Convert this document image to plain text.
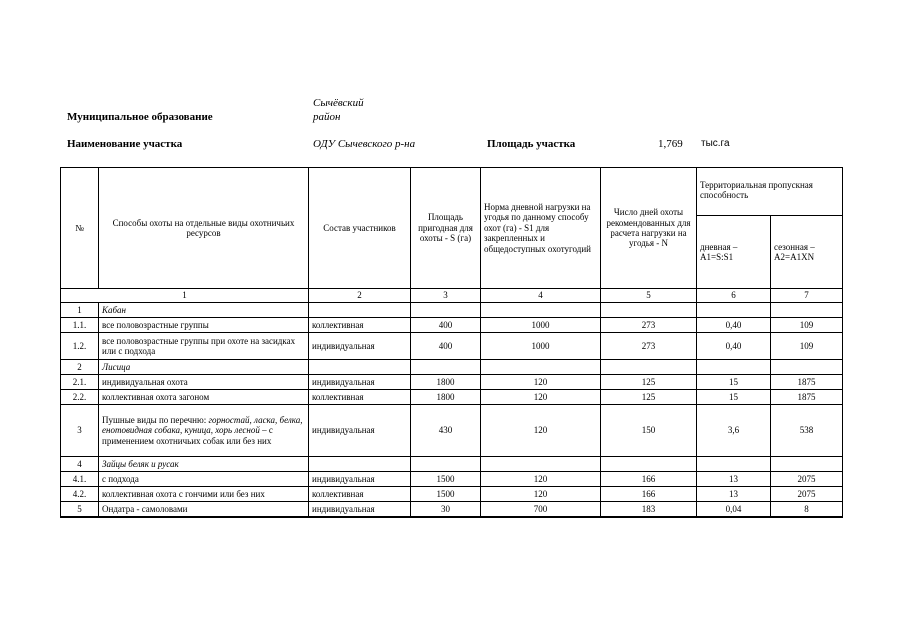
Муниципальное образование
Сычёвский
район
Наименование участка	ОДУ Сычевского р-на	Площадь участка	1,769 тыс.га
№	Способы охоты на отдельные виды охотничьих ресурсов	Состав участников	Площадь пригодная для охоты - S (га)	Норма дневной нагрузки на угодья по данному способу охот (га) - S1 для закрепленных и общедоступных охотугодий	Число дней охоты рекомендованных для расчета нагрузки на угодья - N	Территориальная пропускная способность	
						дневная – A1=S:S1	сезонная – A2=A1XN
1		2	3	4	5	6	7
1	Кабан						
1.1.	все половозрастные группы	коллективная	400	1000	273	0,40	109
1.2.	все половозрастные группы при охоте на засидках или с подхода	индивидуальная	400	1000	273	0,40	109
2	Лисица						
2.1.	индивидуальная охота	индивидуальная	1800	120	125	15	1875
2.2.	коллективная охота загоном	коллективная	1800	120	125	15	1875
3	Пушные виды по перечню: горностай, ласка, белка, енотовидная собака, куница, хорь лесной – с применением охотничьих собак или без них	индивидуальная	430	120	150	3,6	538
4	Зайцы беляк и русак						
4.1.	с подхода	индивидуальная	1500	120	166	13	2075
4.2.	коллективная охота с гончими или без них	коллективная	1500	120	166	13	2075
5	Ондатра - самоловами	индивидуальная	30	700	183	0,04	8
